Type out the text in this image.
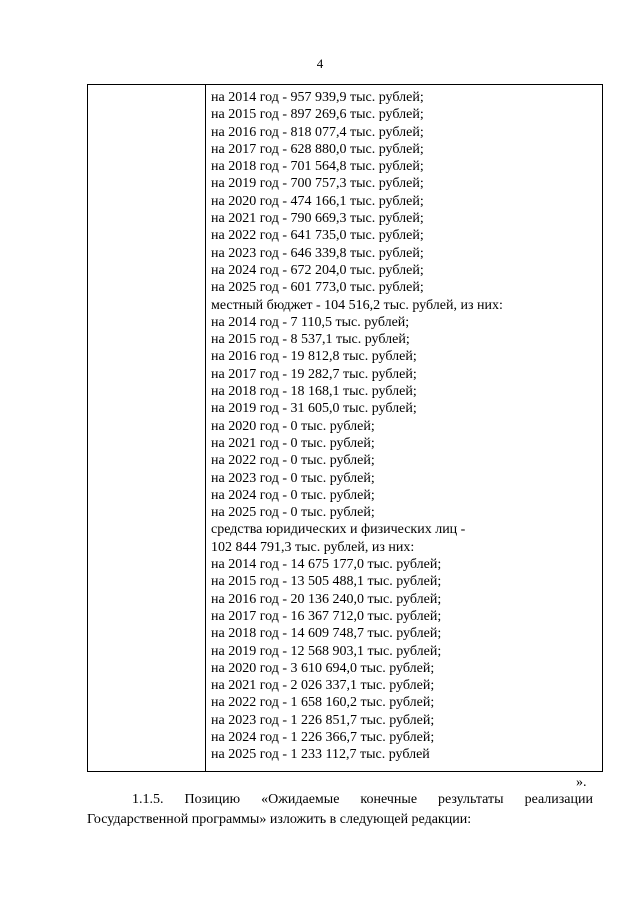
4

на 2014 год - 957 939,9 тыс. рублей;
на 2015 год - 897 269,6 тыс. рублей;
на 2016 год - 818 077,4 тыс. рублей;
на 2017 год - 628 880,0 тыс. рублей;
на 2018 год - 701 564,8 тыс. рублей;
на 2019 год - 700 757,3 тыс. рублей;
на 2020 год - 474 166,1 тыс. рублей;
на 2021 год - 790 669,3 тыс. рублей;
на 2022 год - 641 735,0 тыс. рублей;
на 2023 год - 646 339,8 тыс. рублей;
на 2024 год - 672 204,0 тыс. рублей;
на 2025 год - 601 773,0 тыс. рублей;
местный бюджет - 104 516,2 тыс. рублей, из них:
на 2014 год - 7 110,5 тыс. рублей;
на 2015 год - 8 537,1 тыс. рублей;
на 2016 год - 19 812,8 тыс. рублей;
на 2017 год - 19 282,7 тыс. рублей;
на 2018 год - 18 168,1 тыс. рублей;
на 2019 год - 31 605,0 тыс. рублей;
на 2020 год - 0 тыс. рублей;
на 2021 год - 0 тыс. рублей;
на 2022 год - 0 тыс. рублей;
на 2023 год - 0 тыс. рублей;
на 2024 год - 0 тыс. рублей;
на 2025 год - 0 тыс. рублей;
средства юридических и физических лиц -
102 844 791,3 тыс. рублей, из них:
на 2014 год - 14 675 177,0 тыс. рублей;
на 2015 год - 13 505 488,1 тыс. рублей;
на 2016 год - 20 136 240,0 тыс. рублей;
на 2017 год - 16 367 712,0 тыс. рублей;
на 2018 год - 14 609 748,7 тыс. рублей;
на 2019 год - 12 568 903,1 тыс. рублей;
на 2020 год - 3 610 694,0 тыс. рублей;
на 2021 год - 2 026 337,1 тыс. рублей;
на 2022 год - 1 658 160,2 тыс. рублей;
на 2023 год - 1 226 851,7 тыс. рублей;
на 2024 год - 1 226 366,7 тыс. рублей;
на 2025 год - 1 233 112,7 тыс. рублей
».
1.1.5. Позицию «Ожидаемые конечные результаты реализации
Государственной программы» изложить в следующей редакции:
